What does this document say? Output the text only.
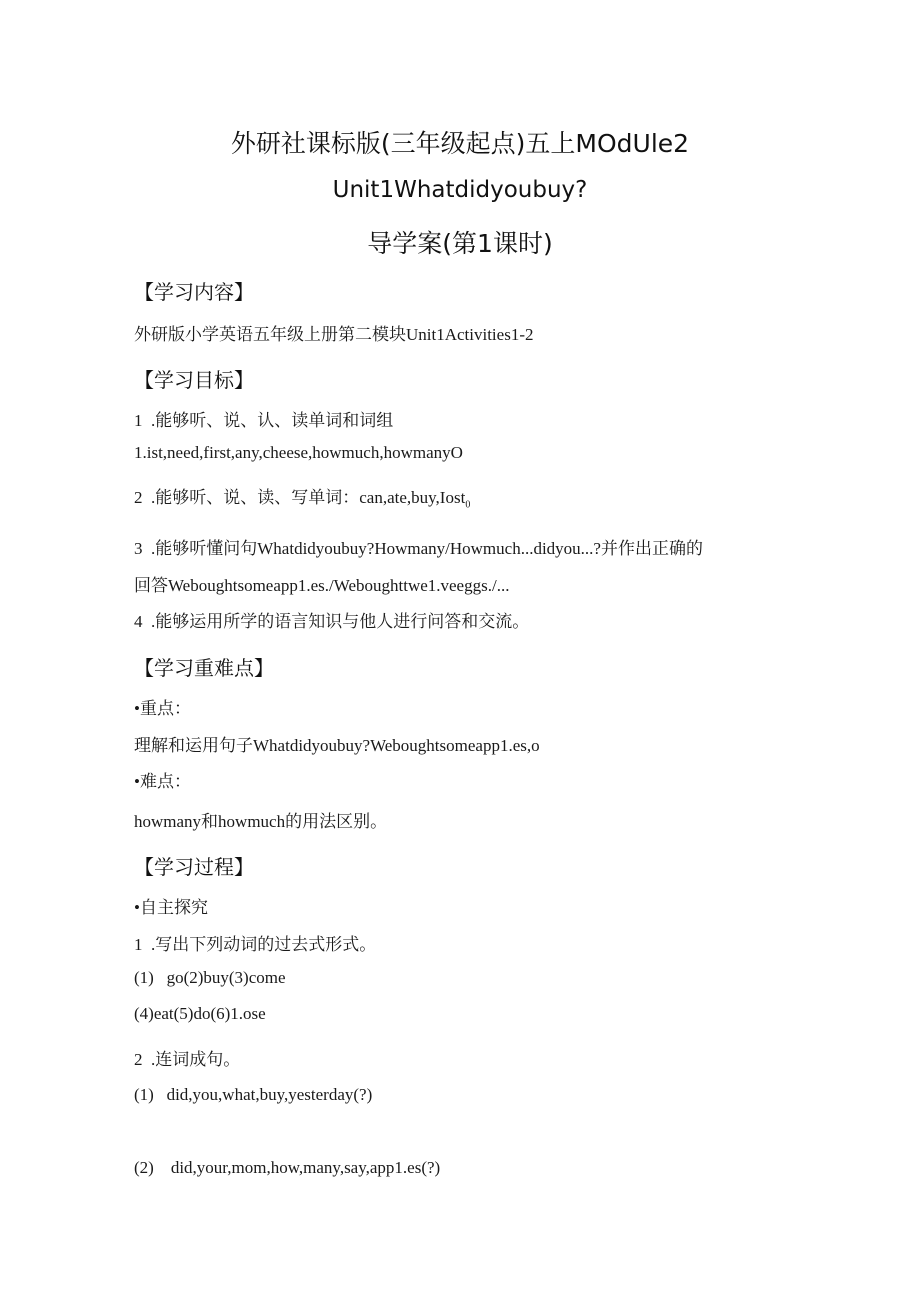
外研社课标版(三年级起点)五上MOdUle2
Unit1Whatdidyoubuy?
导学案(第1课时)
【学习内容】
外研版小学英语五年级上册第二模块Unit1Activities1-2
【学习目标】
1 .能够听、说、认、读单词和词组
1.ist,need,first,any,cheese,howmuch,howmanyO
2 .能够听、说、读、写单词：can,ate,buy,Iost$_0$
3 .能够听懂问句Whatdidyoubuy?Howmany/Howmuch...didyou...?并作出正确的
回答Weboughtsomeapp1.es./Weboughttwe1.veeggs./...
4 .能够运用所学的语言知识与他人进行问答和交流。
【学习重难点】
•重点：
理解和运用句子Whatdidyoubuy?Weboughtsomeapp1.es,o
•难点：
howmany和howmuch的用法区别。
【学习过程】
•自主探究
1 .写出下列动词的过去式形式。
(1) go(2)buy(3)come
(4)eat(5)do(6)1.ose
2 .连词成句。
(1) did,you,what,buy,yesterday(?)
(2) did,your,mom,how,many,say,app1.es(?)
